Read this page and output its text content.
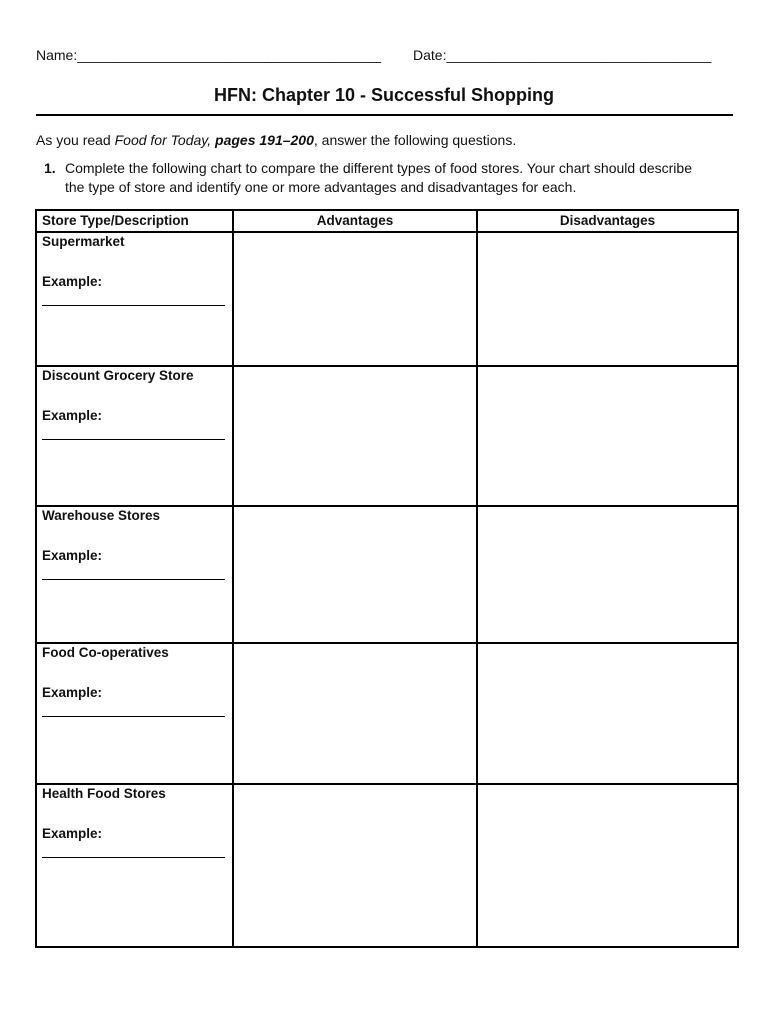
Name:_______________________________________ Date:__________________________________
HFN: Chapter 10 - Successful Shopping
As you read Food for Today, pages 191–200, answer the following questions.
1. Complete the following chart to compare the different types of food stores. Your chart should describe the type of store and identify one or more advantages and disadvantages for each.
Store Type/Description	Advantages	Disadvantages

Supermarket
Example:		

Discount Grocery Store
Example:		

Warehouse Stores
Example:		

Food Co-operatives
Example:		

Health Food Stores
Example:		
